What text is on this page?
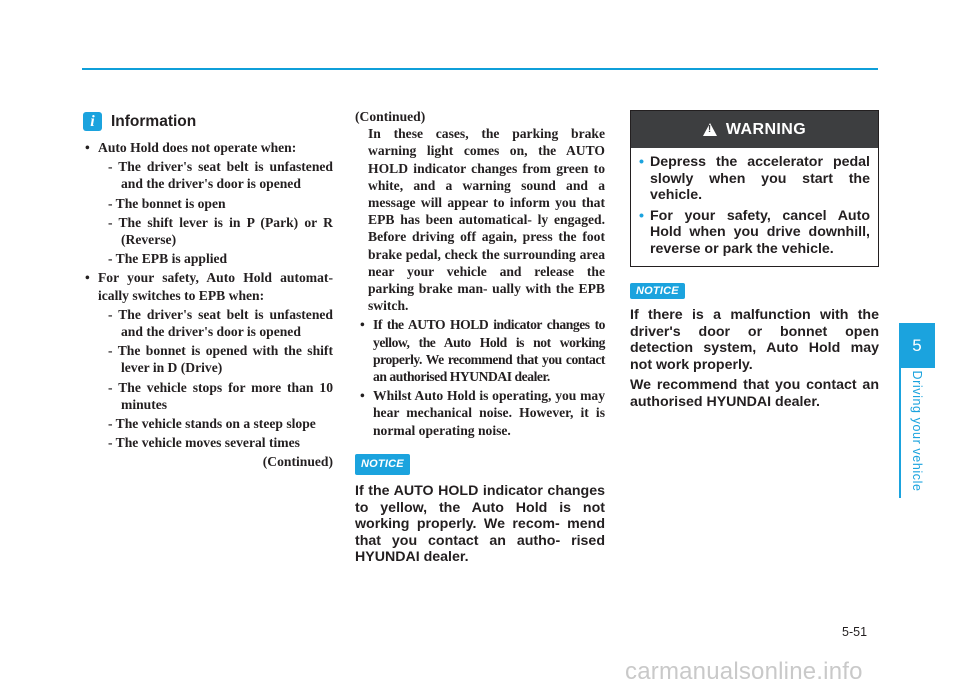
i	Information
• Auto Hold does not operate when:
- The driver's seat belt is unfastened and the driver's door is opened
- The bonnet is open
- The shift lever is in P (Park) or R (Reverse)
- The EPB is applied
• For your safety, Auto Hold automat- ically switches to EPB when:
- The driver's seat belt is unfastened and the driver's door is opened
- The bonnet is opened with the shift lever in D (Drive)
- The vehicle stops for more than 10 minutes
- The vehicle stands on a steep slope
- The vehicle moves several times
(Continued)
(Continued)
In these cases, the parking brake warning light comes on, the AUTO HOLD indicator changes from green to white, and a warning sound and a message will appear to inform you that EPB has been automatical- ly engaged. Before driving off again, press the foot brake pedal, check the surrounding area near your vehicle and release the parking brake man- ually with the EPB switch.
• If the AUTO HOLD indicator changes to yellow, the Auto Hold is not working properly. We recommend that you contact an authorised HYUNDAI dealer.
• Whilst Auto Hold is operating, you may hear mechanical noise. However, it is normal operating noise.
NOTICE
If the AUTO HOLD indicator changes to yellow, the Auto Hold is not working properly. We recom- mend that you contact an autho- rised HYUNDAI dealer.
!
WARNING
• Depress the accelerator pedal slowly when you start the vehicle.
• For your safety, cancel Auto Hold when you drive downhill, reverse or park the vehicle.
NOTICE

If there is a malfunction with the driver's door or bonnet open detection system, Auto Hold may not work properly.

We recommend that you contact an authorised HYUNDAI dealer.

5
Driving your vehicle
5-51
carmanualsonline.info
